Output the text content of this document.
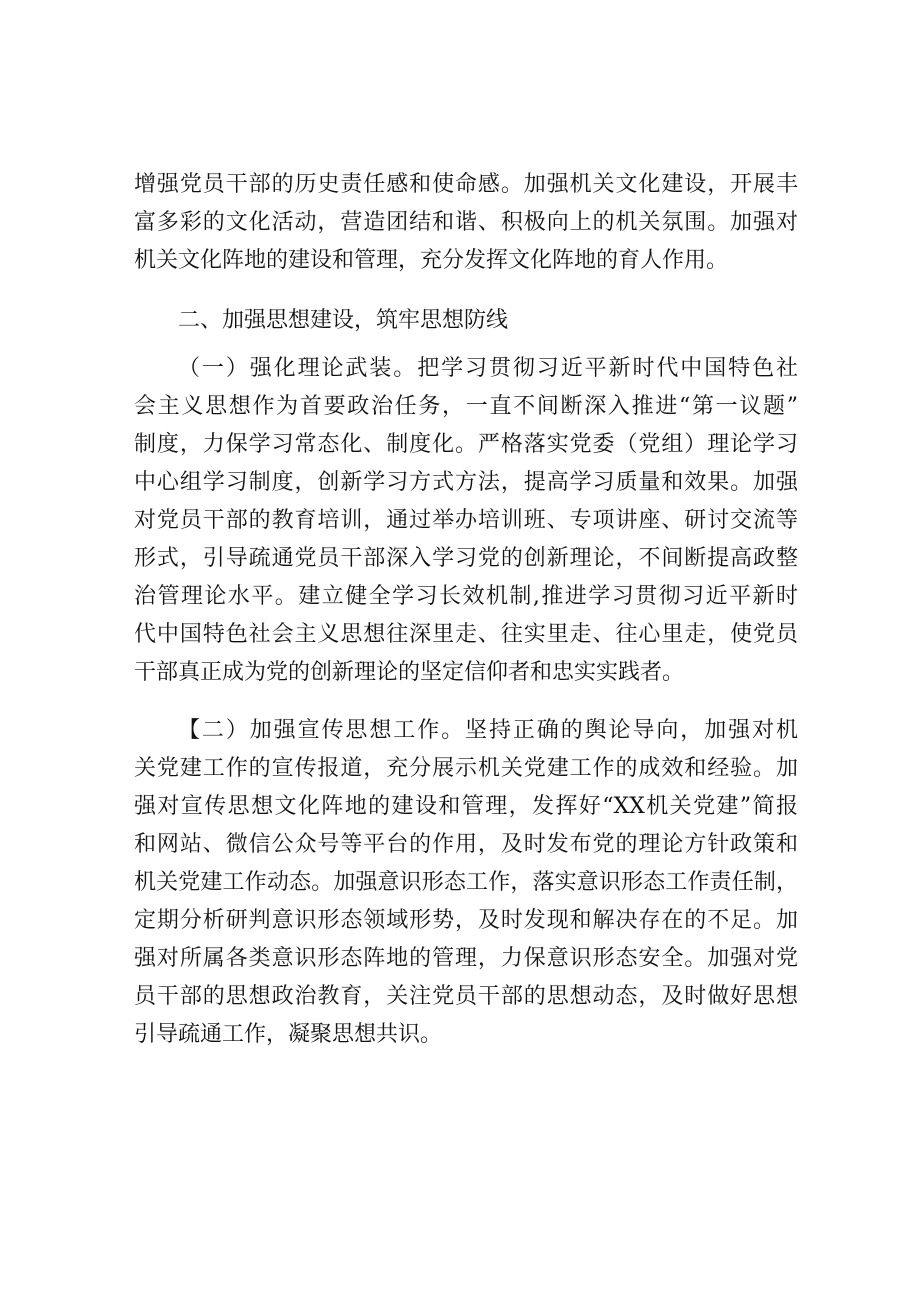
增强党员干部的历史责任感和使命感。加强机关文化建设，开展丰
富多彩的文化活动，营造团结和谐、积极向上的机关氛围。加强对
机关文化阵地的建设和管理，充分发挥文化阵地的育人作用。
二、加强思想建设，筑牢思想防线
（一）强化理论武装。把学习贯彻习近平新时代中国特色社
会主义思想作为首要政治任务，一直不间断深入推进“第一议题”
制度，力保学习常态化、制度化。严格落实党委（党组）理论学习
中心组学习制度，创新学习方式方法，提高学习质量和效果。加强
对党员干部的教育培训，通过举办培训班、专项讲座、研讨交流等
形式，引导疏通党员干部深入学习党的创新理论，不间断提高政整
治管理论水平。建立健全学习长效机制,推进学习贯彻习近平新时
代中国特色社会主义思想往深里走、往实里走、往心里走，使党员
干部真正成为党的创新理论的坚定信仰者和忠实实践者。
【二）加强宣传思想工作。坚持正确的舆论导向，加强对机
关党建工作的宣传报道，充分展示机关党建工作的成效和经验。加
强对宣传思想文化阵地的建设和管理，发挥好“XX机关党建”简报
和网站、微信公众号等平台的作用，及时发布党的理论方针政策和
机关党建工作动态。加强意识形态工作，落实意识形态工作责任制，
定期分析研判意识形态领域形势，及时发现和解决存在的不足。加
强对所属各类意识形态阵地的管理，力保意识形态安全。加强对党
员干部的思想政治教育，关注党员干部的思想动态，及时做好思想
引导疏通工作，凝聚思想共识。
